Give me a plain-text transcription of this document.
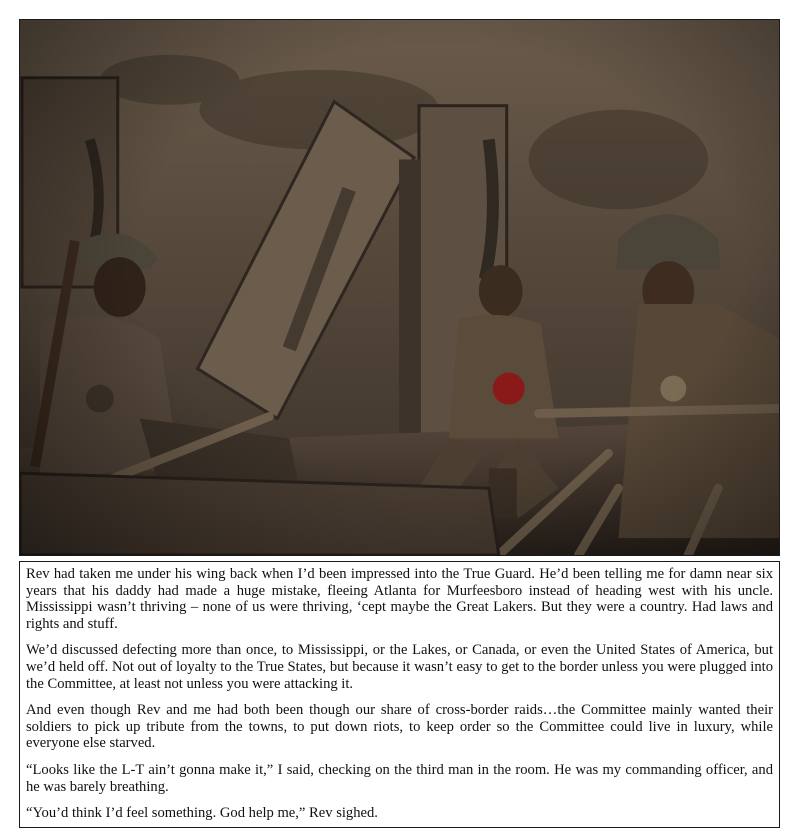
Rev had taken me under his wing back when I’d been impressed into the True Guard. He’d been telling me for damn near six years that his daddy had made a huge mistake, fleeing Atlanta for Murfeesboro instead of heading west with his uncle. Mississippi wasn’t thriving – none of us were thriving, ‘cept maybe the Great Lakers. But they were a country. Had laws and rights and stuff.

We’d discussed defecting more than once, to Mississippi, or the Lakes, or Canada, or even the United States of America, but we’d held off. Not out of loyalty to the True States, but because it wasn’t easy to get to the border unless you were plugged into the Committee, at least not unless you were attacking it.

And even though Rev and me had both been though our share of cross-border raids…the Committee mainly wanted their soldiers to pick up tribute from the towns, to put down riots, to keep order so the Committee could live in luxury, while everyone else starved.

“Looks like the L-T ain’t gonna make it,” I said, checking on the third man in the room. He was my commanding officer, and he was barely breathing.

“You’d think I’d feel something. God help me,” Rev sighed.
